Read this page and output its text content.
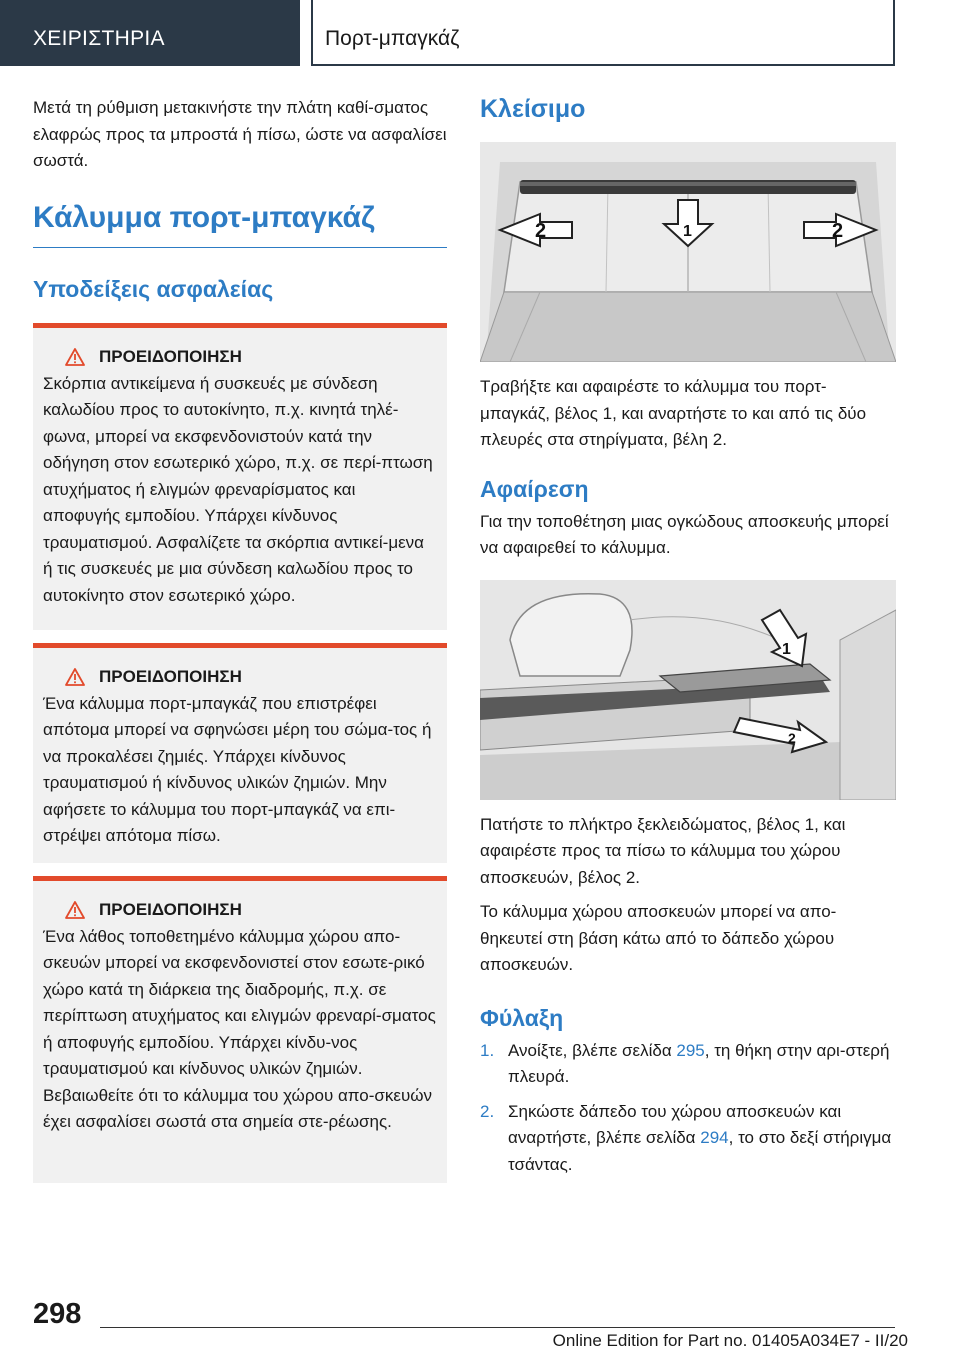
ΧΕΙΡΙΣΤΗΡΙΑ	Πορτ-μπαγκάζ

Μετά τη ρύθμιση μετακινήστε την πλάτη καθί-σματος ελαφρώς προς τα μπροστά ή πίσω, ώστε να ασφαλίσει σωστά.

Κάλυμμα πορτ-μπαγκάζ

Υποδείξεις ασφαλείας

ΠΡΟΕΙΔΟΠΟΙΗΣΗ

Σκόρπια αντικείμενα ή συσκευές με σύνδεση καλωδίου προς το αυτοκίνητο, π.χ. κινητά τηλέ-φωνα, μπορεί να εκσφενδονιστούν κατά την οδήγηση στον εσωτερικό χώρο, π.χ. σε περί-πτωση ατυχήματος ή ελιγμών φρεναρίσματος και αποφυγής εμποδίου. Υπάρχει κίνδυνος τραυματισμού. Ασφαλίζετε τα σκόρπια αντικεί-μενα ή τις συσκευές με μια σύνδεση καλωδίου προς το αυτοκίνητο στον εσωτερικό χώρο.

ΠΡΟΕΙΔΟΠΟΙΗΣΗ

Ένα κάλυμμα πορτ-μπαγκάζ που επιστρέφει απότομα μπορεί να σφηνώσει μέρη του σώμα-τος ή να προκαλέσει ζημιές. Υπάρχει κίνδυνος τραυματισμού ή κίνδυνος υλικών ζημιών. Μην αφήσετε το κάλυμμα του πορτ-μπαγκάζ να επι-στρέψει απότομα πίσω.

ΠΡΟΕΙΔΟΠΟΙΗΣΗ

Ένα λάθος τοποθετημένο κάλυμμα χώρου απο-σκευών μπορεί να εκσφενδονιστεί στον εσωτε-ρικό χώρο κατά τη διάρκεια της διαδρομής, π.χ. σε περίπτωση ατυχήματος και ελιγμών φρεναρί-σματος ή αποφυγής εμποδίου. Υπάρχει κίνδυ-νος τραυματισμού και κίνδυνος υλικών ζημιών. Βεβαιωθείτε ότι το κάλυμμα του χώρου απο-σκευών έχει ασφαλίσει σωστά στα σημεία στε-ρέωσης.

Κλείσιμο

2	1	2

Τραβήξτε και αφαιρέστε το κάλυμμα του πορτ-μπαγκάζ, βέλος 1, και αναρτήστε το και από τις δύο πλευρές στα στηρίγματα, βέλη 2.

Αφαίρεση

Για την τοποθέτηση μιας ογκώδους αποσκευής μπορεί να αφαιρεθεί το κάλυμμα.

1
2

Πατήστε το πλήκτρο ξεκλειδώματος, βέλος 1, και αφαιρέστε προς τα πίσω το κάλυμμα του χώρου αποσκευών, βέλος 2.

Το κάλυμμα χώρου αποσκευών μπορεί να απο-θηκευτεί στη βάση κάτω από το δάπεδο χώρου αποσκευών.

Φύλαξη

1. Ανοίξτε, βλέπε σελίδα 295, τη θήκη στην αρι-στερή πλευρά.
2. Σηκώστε δάπεδο του χώρου αποσκευών και αναρτήστε, βλέπε σελίδα 294, το στο δεξί στήριγμα τσάντας.
298
Online Edition for Part no. 01405A034E7 - II/20
